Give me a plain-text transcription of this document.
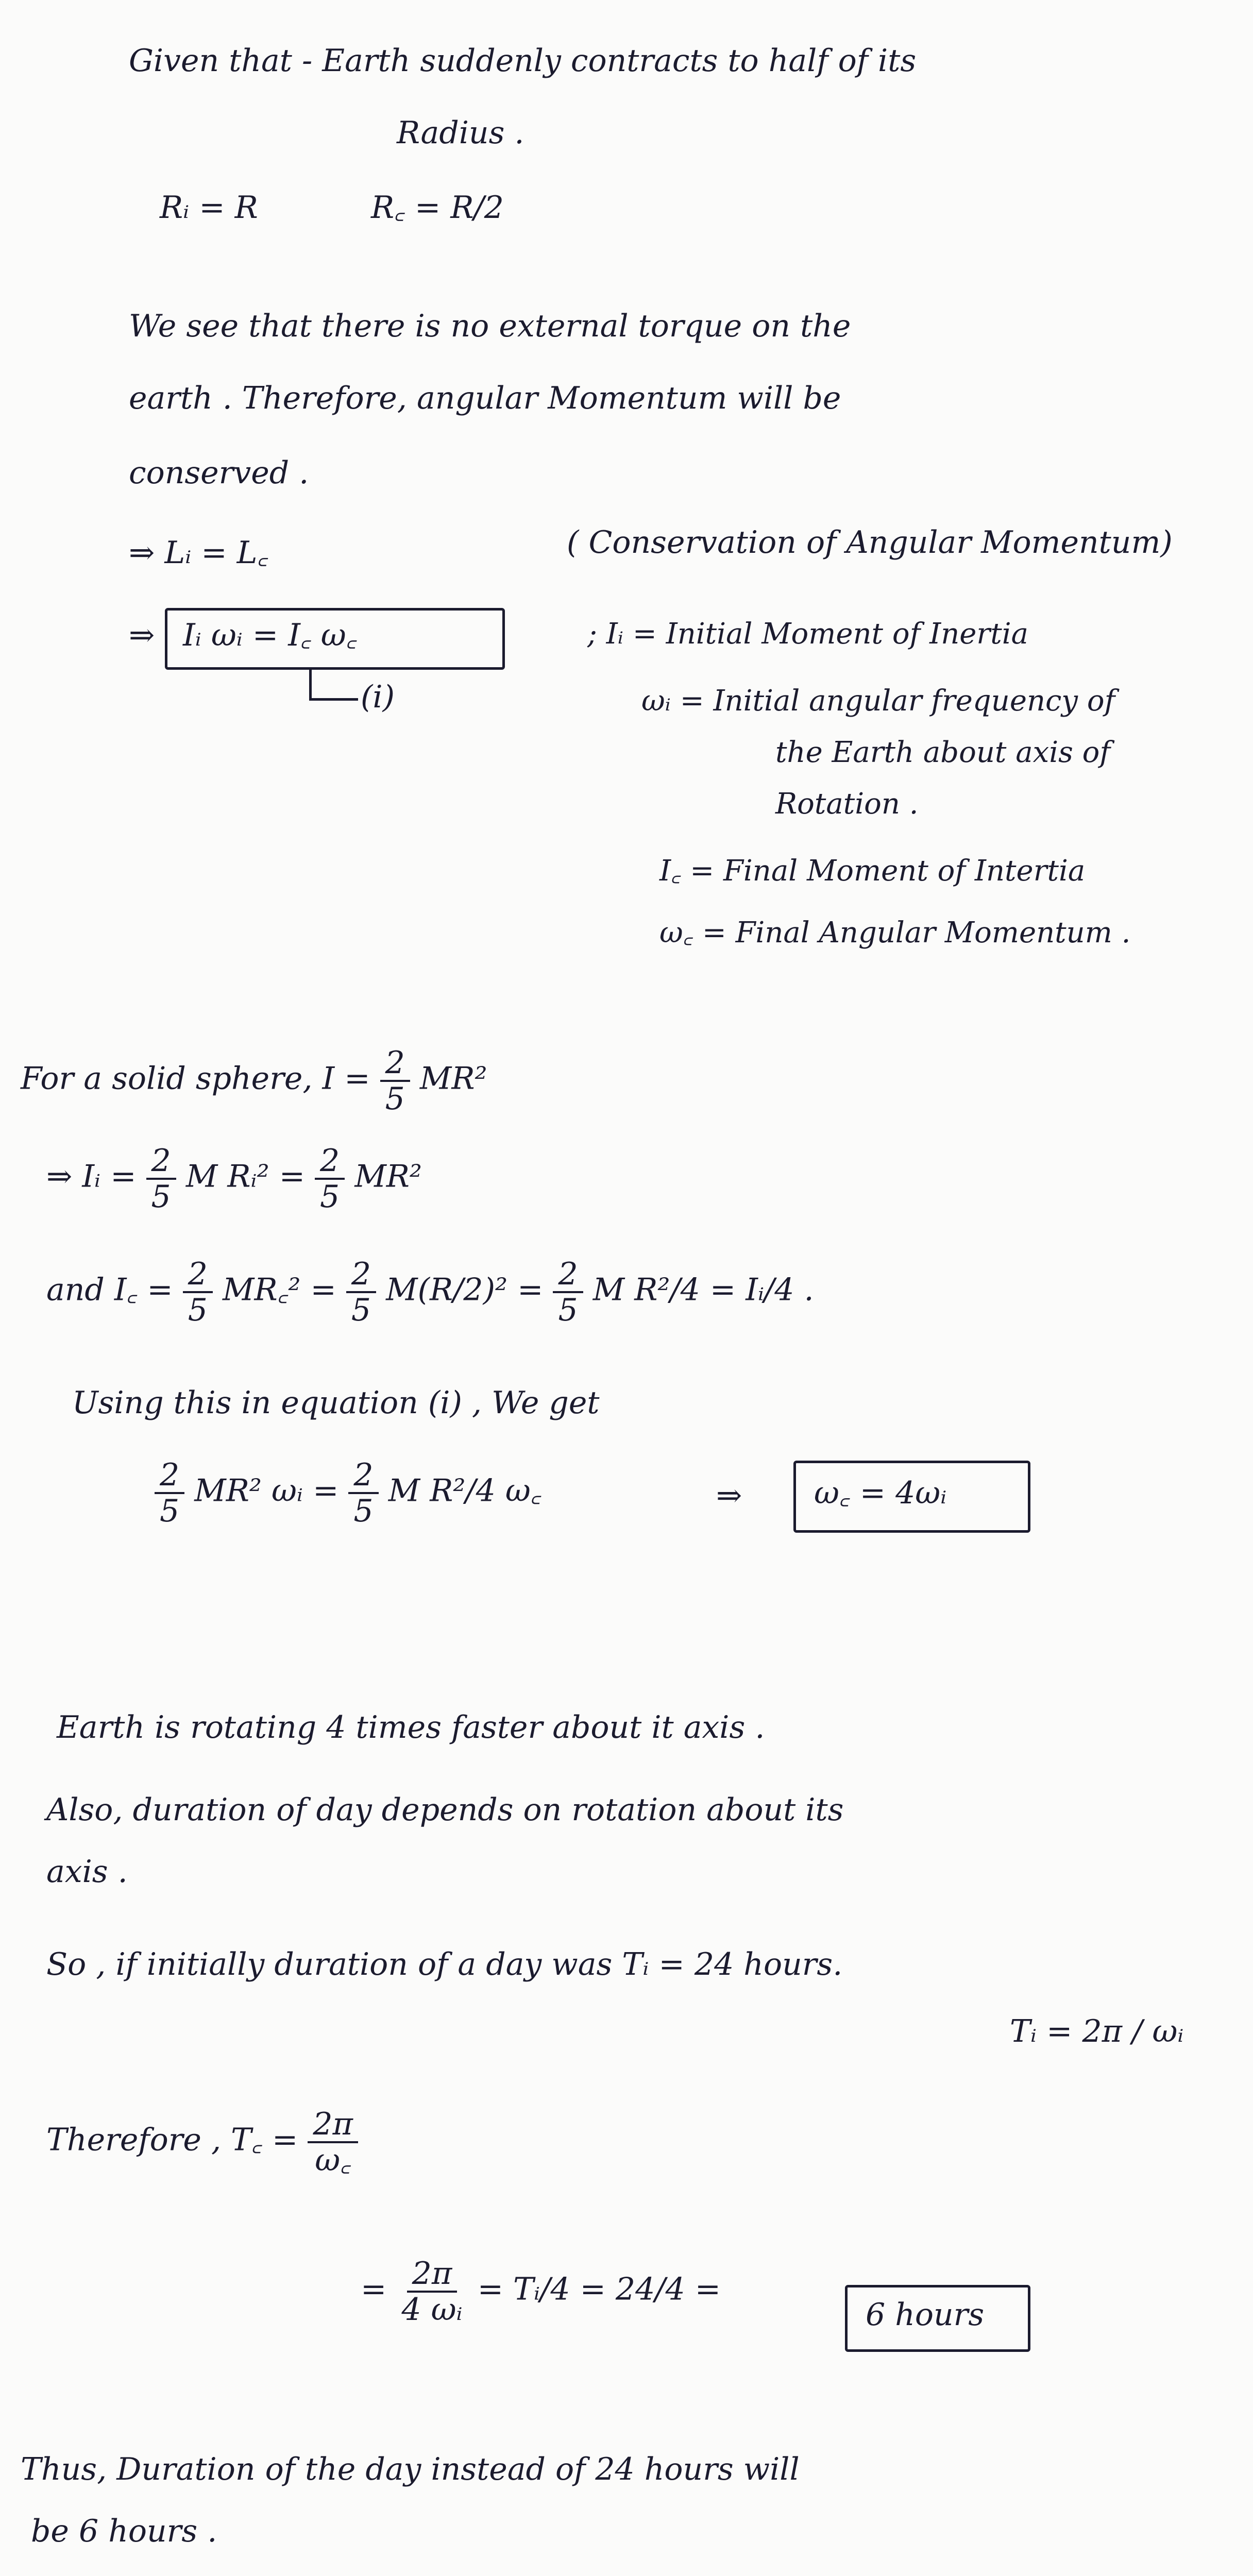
Given that - Earth suddenly contracts to half of its
Radius .
Rᵢ = R	R꜀ = R/2
We see that there is no external torque on the
earth . Therefore, angular Momentum will be
conserved .
⇒ Lᵢ = L꜀	( Conservation of Angular Momentum)
⇒ Iᵢ ωᵢ = I꜀ ω꜀
(i)
; Iᵢ = Initial Moment of Inertia
ωᵢ = Initial angular frequency of
the Earth about axis of
Rotation .
I꜀ = Final Moment of Intertia
ω꜀ = Final Angular Momentum .
For a solid sphere, $I = \frac{2}{5} MR^2$
⇒ Iᵢ = $\frac{2}{5}$ M Rᵢ² = $\frac{2}{5} MR^2$
and I꜀ = $\frac{2}{5}$ MR꜀² = $\frac{2}{5} M(R/2)^2 = \frac{2}{5}$ M R²/4 = Iᵢ/4 .
Using this in equation (i) , We get
$\frac{2}{5} MR^2$ ωᵢ = $\frac{2}{5}$ M R²/4 ω꜀	⇒ ω꜀ = 4ωᵢ
Earth is rotating 4 times faster about it axis .
Also, duration of day depends on rotation about its
axis .
So , if initially duration of a day was Tᵢ = 24 hours.
Tᵢ = 2π / ωᵢ
Therefore , T꜀ = $\frac{2\pi}{\omega꜀}$
= $\frac{2\pi}{\text{4 ωᵢ}}$ = Tᵢ/4 = 24/4 =
6 hours
Thus, Duration of the day instead of 24 hours will
be 6 hours .
